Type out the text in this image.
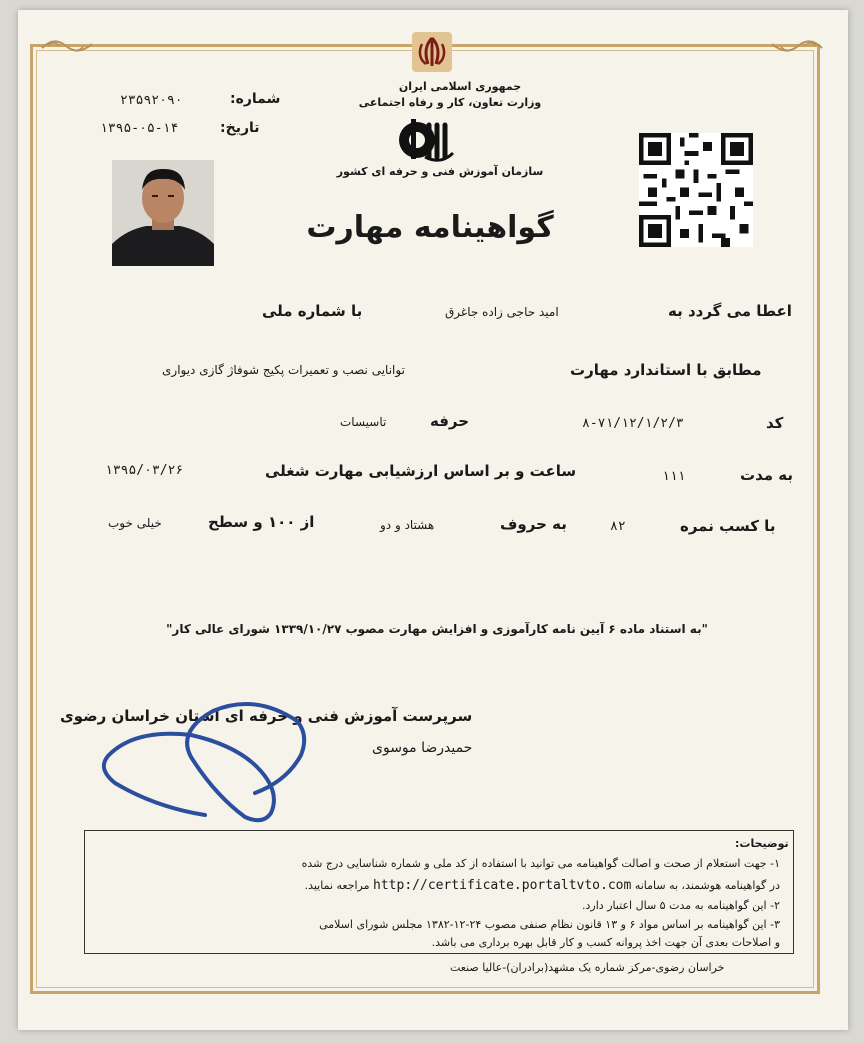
جمهوری اسلامی ایران
وزارت تعاون، کار و رفاه اجتماعی
سازمان آموزش فنی و حرفه ای کشور
شماره:
۲۳۵۹۲۰۹۰
تاریخ:
۱۳۹۵-۰۵-۱۴
گواهینامه مهارت
اعطا می گردد به
امید حاجی زاده جاغرق
با شماره ملی
مطابق با استاندارد مهارت
توانایی نصب و تعمیرات پکیج شوفاژ گازی دیواری
کد
۸-۷۱/۱۲/۱/۲/۳
حرفه
تاسیسات
به مدت
۱۱۱
ساعت و بر اساس ارزشیابی مهارت شغلی
۱۳۹۵/۰۳/۲۶
با کسب نمره
۸۲
به حروف
هشتاد و دو
از ۱۰۰ و سطح
خیلی خوب
"به استناد ماده ۶ آیین نامه کارآموزی و افزایش مهارت مصوب ۱۳۳۹/۱۰/۲۷ شورای عالی کار"
سرپرست آموزش فنی و حرفه ای استان خراسان رضوی
حمیدرضا موسوی
توضیحات:
۱- جهت استعلام از صحت و اصالت گواهینامه می توانید با استفاده از کد ملی و شماره شناسایی درج شده
در گواهینامه هوشمند، به سامانه http://certificate.portaltvto.com مراجعه نمایید.
۲- این گواهینامه به مدت ۵ سال اعتبار دارد.
۳- این گواهینامه بر اساس مواد ۶ و ۱۳ قانون نظام صنفی مصوب ۲۴-۱۲-۱۳۸۲ مجلس شورای اسلامی
و اصلاحات بعدی آن جهت اخذ پروانه کسب و کار قابل بهره برداری می باشد.
خراسان رضوی-مرکز شماره یک مشهد(برادران)-عالیا صنعت
